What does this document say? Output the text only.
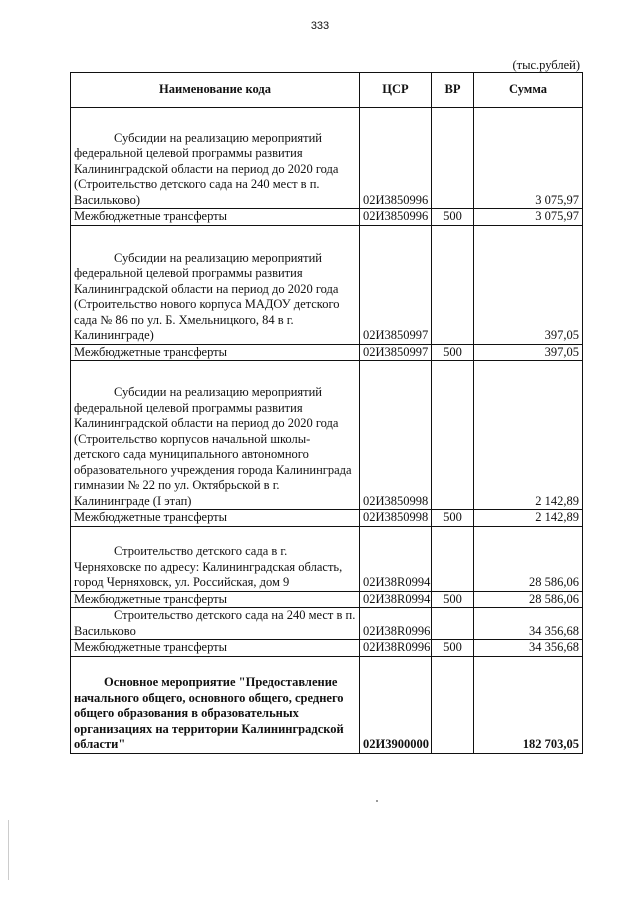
333
(тыс.рублей)
Наименование кода	ЦСР	ВР	Сумма
Субсидии на реализацию мероприятий федеральной целевой программы развития Калининградской области на период до 2020 года (Строительство детского сада на 240 мест в п. Васильково)	02И3850996		3 075,97
Межбюджетные трансферты	02И3850996	500	3 075,97
Субсидии на реализацию мероприятий федеральной целевой программы развития Калининградской области на период до 2020 года (Строительство нового корпуса МАДОУ детского сада № 86 по ул. Б. Хмельницкого, 84 в г. Калининграде)	02И3850997		397,05
Межбюджетные трансферты	02И3850997	500	397,05
Субсидии на реализацию мероприятий федеральной целевой программы развития Калининградской области на период до 2020 года (Строительство корпусов начальной школы-детского сада муниципального автономного образовательного учреждения города Калининграда гимназии № 22 по ул. Октябрьской в г. Калининграде (I этап)	02И3850998		2 142,89
Межбюджетные трансферты	02И3850998	500	2 142,89
Строительство детского сада в г. Черняховске по адресу: Калининградская область, город Черняховск, ул. Российская, дом 9	02И38R0994		28 586,06
Межбюджетные трансферты	02И38R0994	500	28 586,06
Строительство детского сада на 240 мест в п. Васильково	02И38R0996		34 356,68
Межбюджетные трансферты	02И38R0996	500	34 356,68
Основное мероприятие "Предоставление начального общего, основного общего, среднего общего образования в образовательных организациях на территории Калининградской области"	02И3900000		182 703,05
